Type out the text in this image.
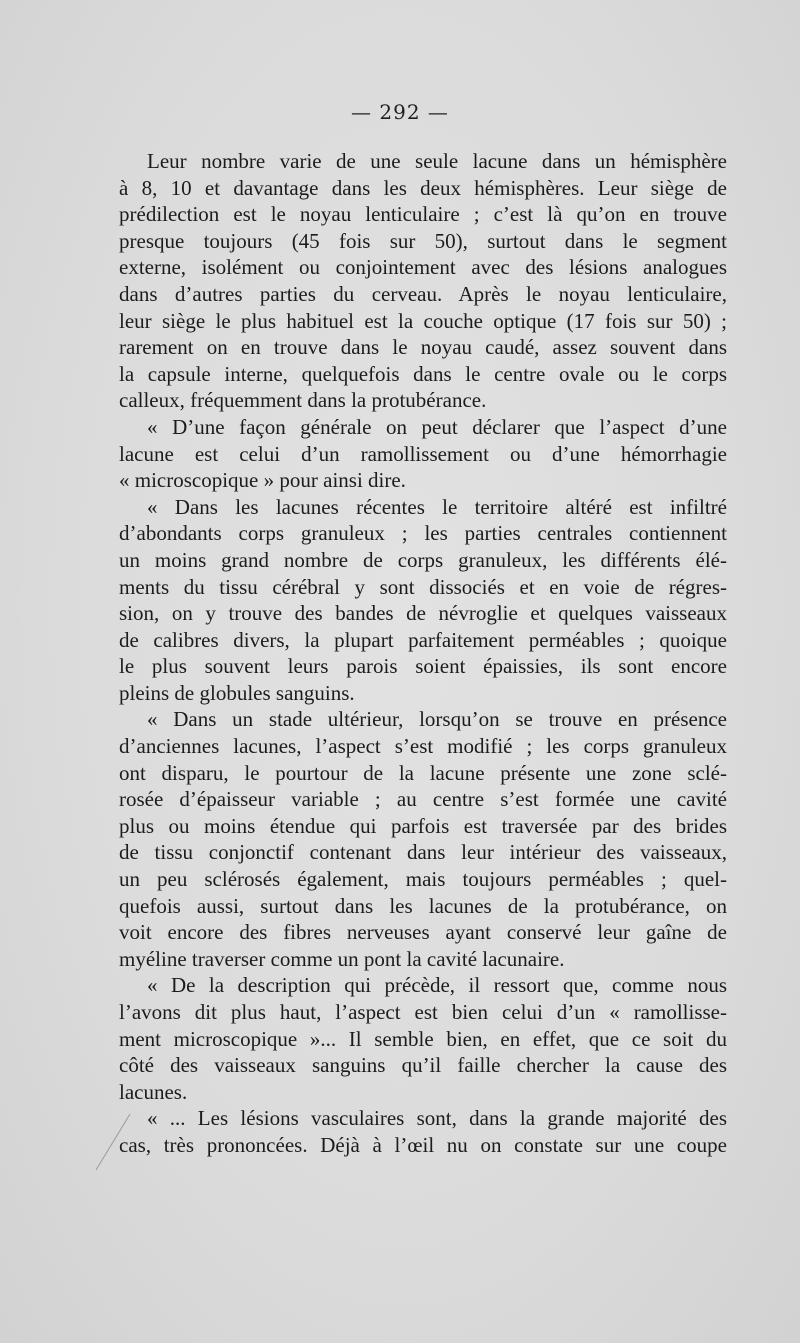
— 292 —
Leur nombre varie de une seule lacune dans un hémisphère
à 8, 10 et davantage dans les deux hémisphères. Leur siège de
prédilection est le noyau lenticulaire ; c’est là qu’on en trouve
presque toujours (45 fois sur 50), surtout dans le segment
externe, isolément ou conjointement avec des lésions analogues
dans d’autres parties du cerveau. Après le noyau lenticulaire,
leur siège le plus habituel est la couche optique (17 fois sur 50) ;
rarement on en trouve dans le noyau caudé, assez souvent dans
la capsule interne, quelquefois dans le centre ovale ou le corps
calleux, fréquemment dans la protubérance.
« D’une façon générale on peut déclarer que l’aspect d’une
lacune est celui d’un ramollissement ou d’une hémorrhagie
« microscopique » pour ainsi dire.
« Dans les lacunes récentes le territoire altéré est infiltré
d’abondants corps granuleux ; les parties centrales contiennent
un moins grand nombre de corps granuleux, les différents élé-
ments du tissu cérébral y sont dissociés et en voie de régres-
sion, on y trouve des bandes de névroglie et quelques vaisseaux
de calibres divers, la plupart parfaitement perméables ; quoique
le plus souvent leurs parois soient épaissies, ils sont encore
pleins de globules sanguins.
« Dans un stade ultérieur, lorsqu’on se trouve en présence
d’anciennes lacunes, l’aspect s’est modifié ; les corps granuleux
ont disparu, le pourtour de la lacune présente une zone sclé-
rosée d’épaisseur variable ; au centre s’est formée une cavité
plus ou moins étendue qui parfois est traversée par des brides
de tissu conjonctif contenant dans leur intérieur des vaisseaux,
un peu sclérosés également, mais toujours perméables ; quel-
quefois aussi, surtout dans les lacunes de la protubérance, on
voit encore des fibres nerveuses ayant conservé leur gaîne de
myéline traverser comme un pont la cavité lacunaire.
« De la description qui précède, il ressort que, comme nous
l’avons dit plus haut, l’aspect est bien celui d’un « ramollisse-
ment microscopique »... Il semble bien, en effet, que ce soit du
côté des vaisseaux sanguins qu’il faille chercher la cause des
lacunes.
« ... Les lésions vasculaires sont, dans la grande majorité des
cas, très prononcées. Déjà à l’œil nu on constate sur une coupe
